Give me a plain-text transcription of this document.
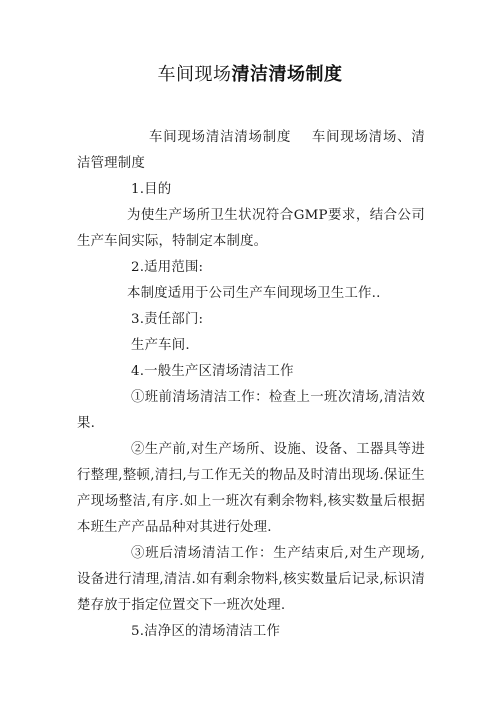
车间现场清洁清场制度

车间现场清洁清场制度 车间现场清场、清洁管理制度

1.目的

为使生产场所卫生状况符合GMP要求，结合公司生产车间实际，特制定本制度。

2.适用范围:

本制度适用于公司生产车间现场卫生工作..

3.责任部门:

生产车间.

4.一般生产区清场清洁工作

①班前清场清洁工作：检查上一班次清场,清洁效果.

②生产前,对生产场所、设施、设备、工器具等进行整理,整顿,清扫,与工作无关的物品及时清出现场.保证生产现场整洁,有序.如上一班次有剩余物料,核实数量后根据本班生产产品品种对其进行处理.

③班后清场清洁工作：生产结束后,对生产现场,设备进行清理,清洁.如有剩余物料,核实数量后记录,标识清楚存放于指定位置交下一班次处理.

5.洁净区的清场清洁工作
